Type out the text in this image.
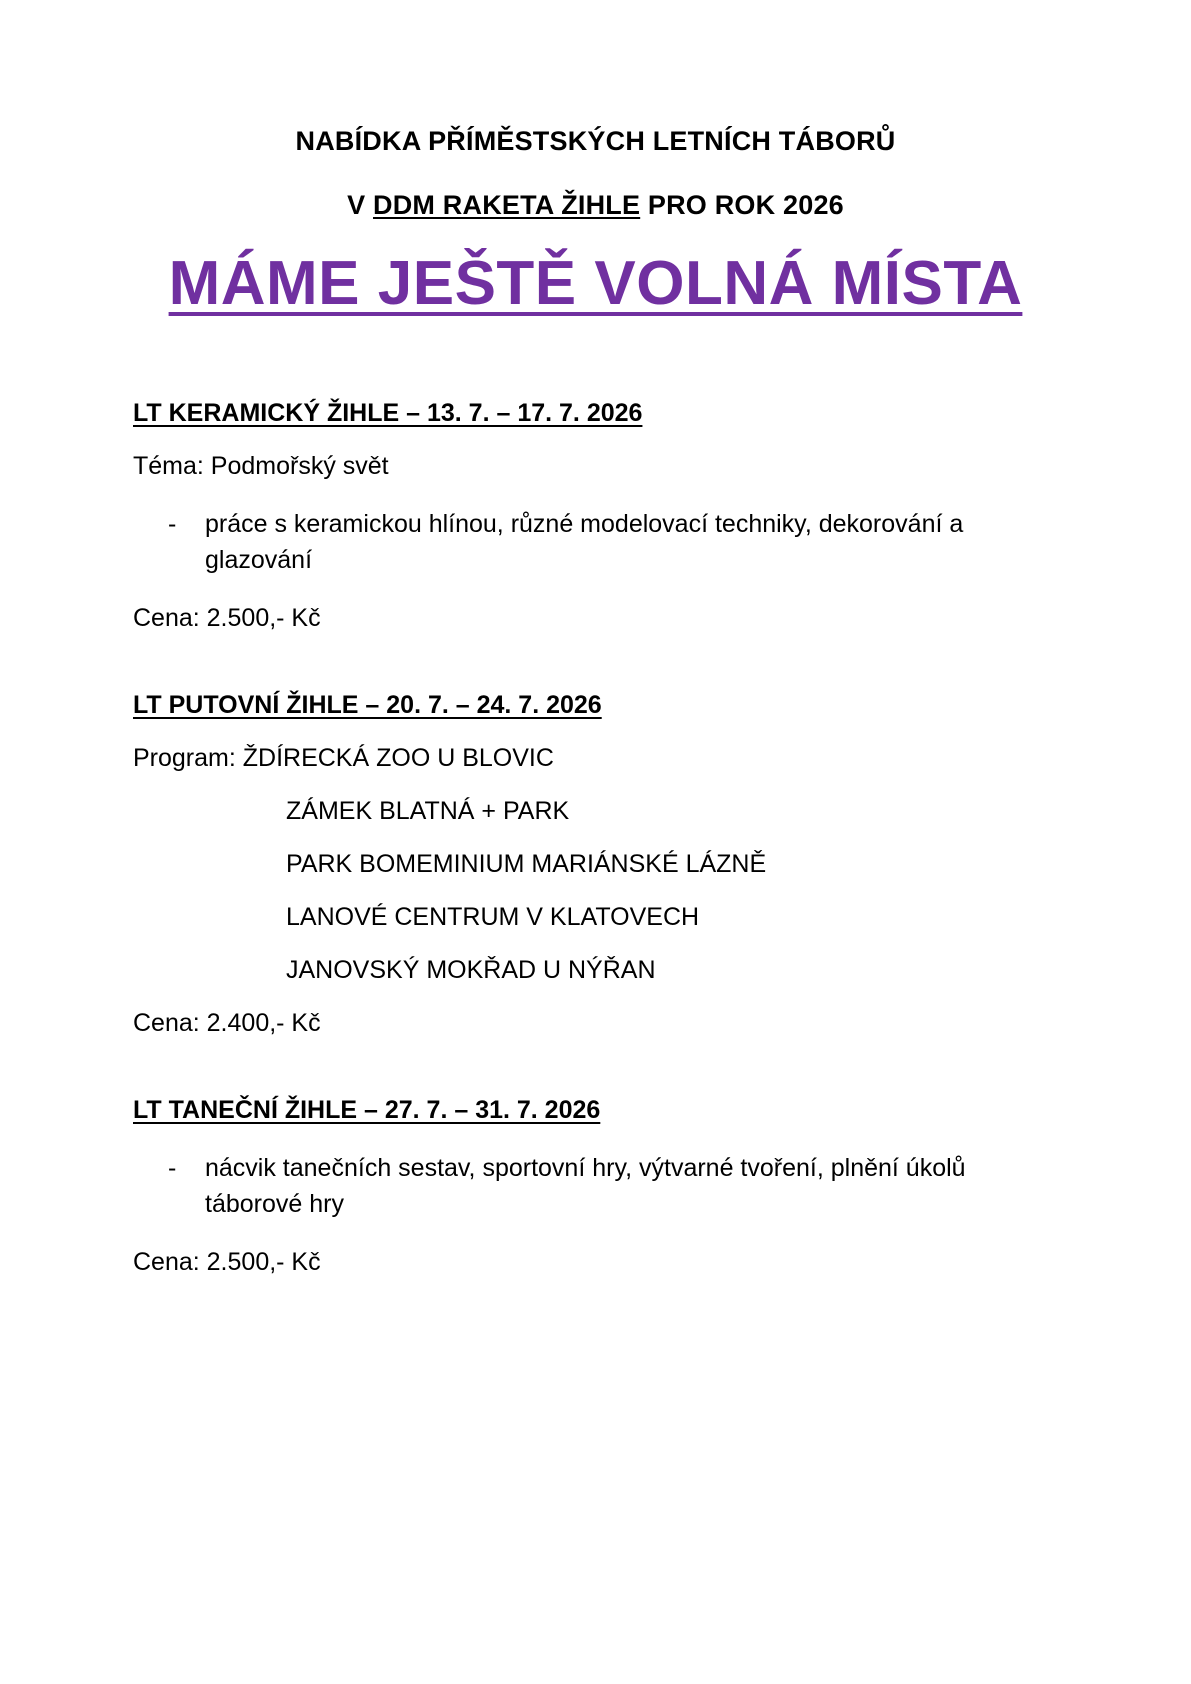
NABÍDKA PŘÍMĚSTSKÝCH LETNÍCH TÁBORŮ
V DDM RAKETA ŽIHLE PRO ROK 2026
MÁME JEŠTĚ VOLNÁ MÍSTA
LT KERAMICKÝ ŽIHLE – 13. 7. – 17. 7. 2026
Téma: Podmořský svět
- práce s keramickou hlínou, různé modelovací techniky, dekorování a glazování
Cena: 2.500,- Kč
LT PUTOVNÍ ŽIHLE – 20. 7. – 24. 7. 2026
Program: ŽDÍRECKÁ ZOO U BLOVIC
ZÁMEK BLATNÁ + PARK
PARK BOMEMINIUM MARIÁNSKÉ LÁZNĚ
LANOVÉ CENTRUM V KLATOVECH
JANOVSKÝ MOKŘAD U NÝŘAN
Cena: 2.400,- Kč
LT TANEČNÍ ŽIHLE – 27. 7. – 31. 7. 2026
- nácvik tanečních sestav, sportovní hry, výtvarné tvoření, plnění úkolů táborové hry
Cena: 2.500,- Kč
